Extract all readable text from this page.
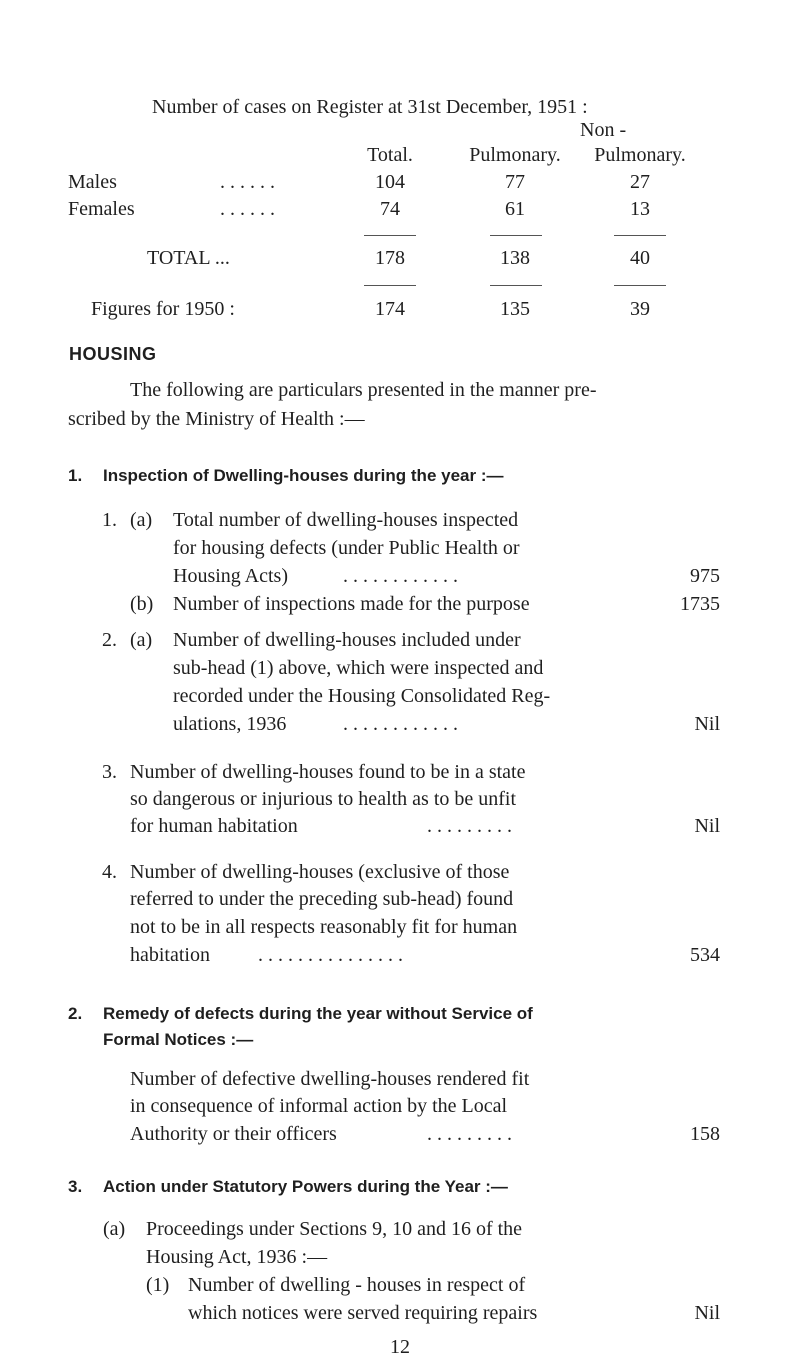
Number of cases on Register at 31st December, 1951 :
Non -
Total.	Pulmonary.	Pulmonary.
Males	. . . . . .	104	77	27
Females	. . . . . .	74	61	13
TOTAL ...	178	138	40
Figures for 1950 :	174	135	39
HOUSING
The following are particulars presented in the manner pre-
scribed by the Ministry of Health :—
1. Inspection of Dwelling-houses during the year :—
1. (a) Total number of dwelling-houses inspected
for housing defects (under Public Health or
Housing Acts)	. . . . . . . . . . . .	975
(b) Number of inspections made for the purpose	1735
2. (a) Number of dwelling-houses included under
sub-head (1) above, which were inspected and
recorded under the Housing Consolidated Reg-
ulations, 1936	. . . . . . . . . . . .	Nil
3. Number of dwelling-houses found to be in a state
so dangerous or injurious to health as to be unfit
for human habitation	. . . . . . . . .	Nil
4. Number of dwelling-houses (exclusive of those
referred to under the preceding sub-head) found
not to be in all respects reasonably fit for human
habitation . . . . . . . . . . . . . . .	534
2. Remedy of defects during the year without Service of
Formal Notices :—
Number of defective dwelling-houses rendered fit
in consequence of informal action by the Local
Authority or their officers	. . . . . . . . .	158
3. Action under Statutory Powers during the Year :—
(a) Proceedings under Sections 9, 10 and 16 of the
Housing Act, 1936 :—
(1) Number of dwelling - houses in respect of
which notices were served requiring repairs	Nil
12
